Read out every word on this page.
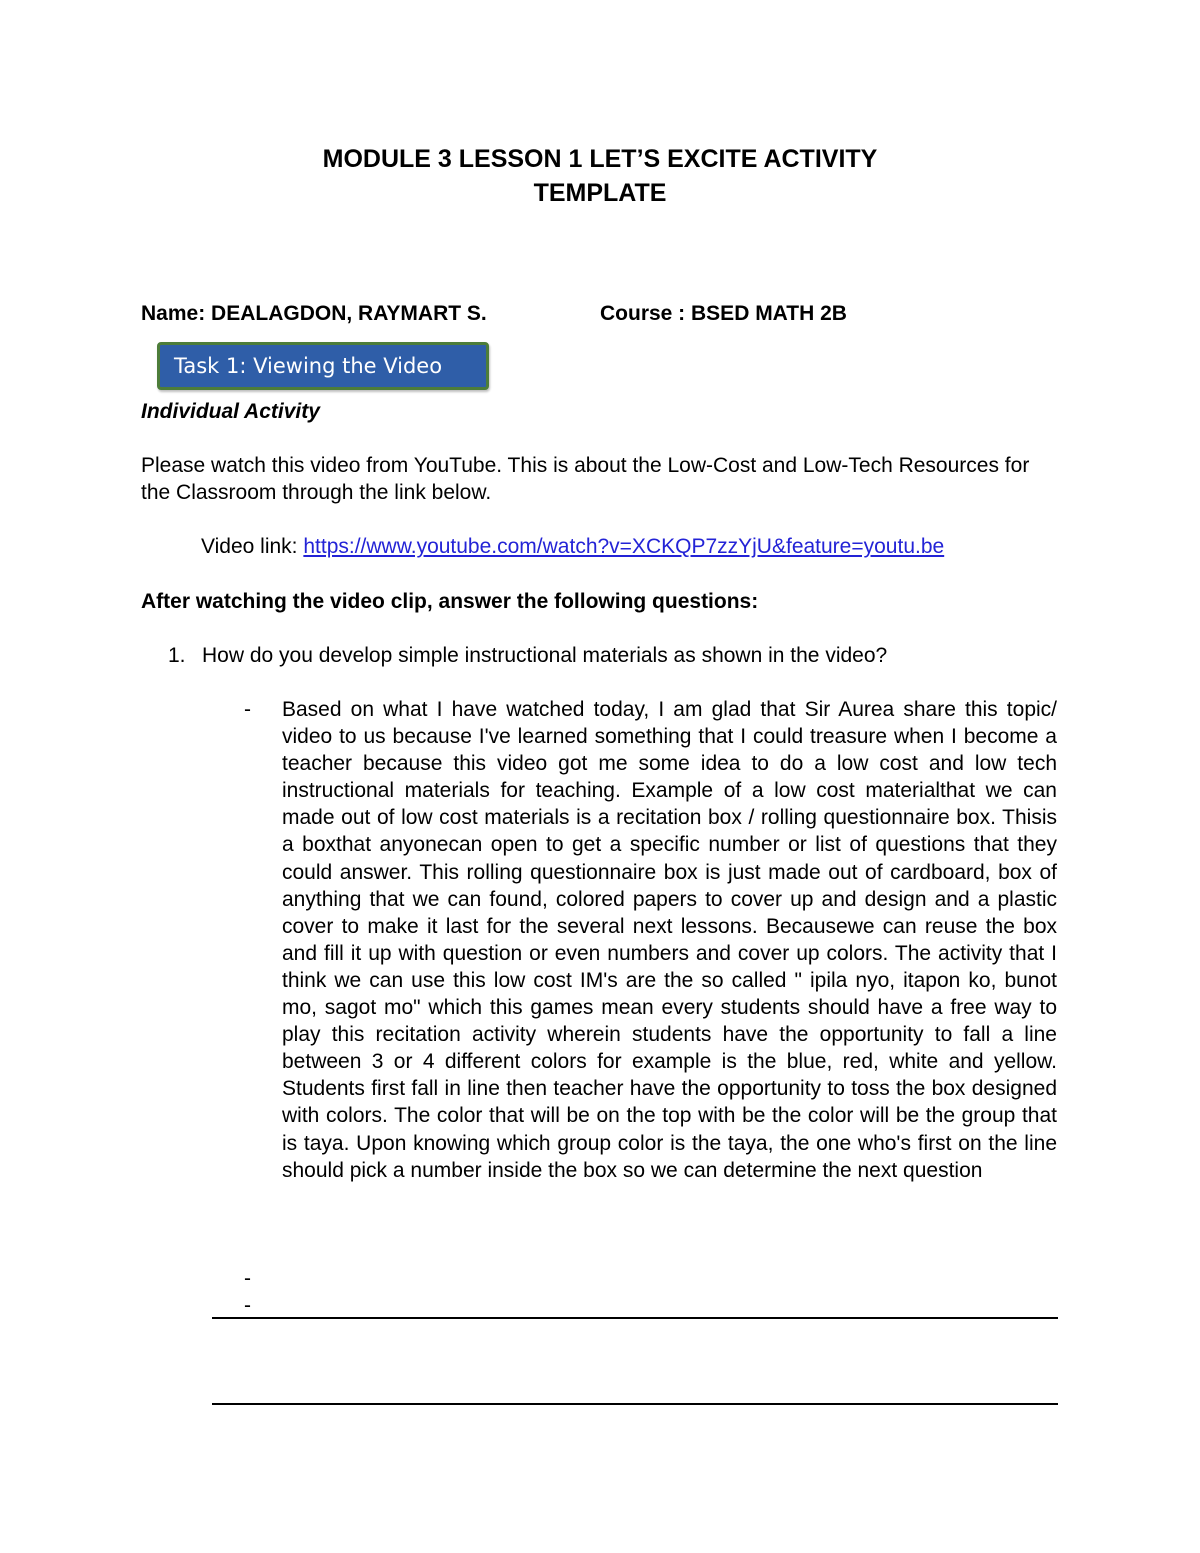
MODULE 3 LESSON 1 LET’S EXCITE ACTIVITY
TEMPLATE
Name: DEALAGDON, RAYMART S.	Course : BSED MATH 2B
Task 1: Viewing the Video
Individual Activity
Please watch this video from YouTube. This is about the Low-Cost and Low-Tech Resources for the Classroom through the link below.
Video link: https://www.youtube.com/watch?v=XCKQP7zzYjU&feature=youtu.be
After watching the video clip, answer the following questions:
1. How do you develop simple instructional materials as shown in the video?
- Based on what I have watched today, I am glad that Sir Aurea share this topic/ video to us because I've learned something that I could treasure when I become a teacher because this video got me some idea to do a low cost and low tech instructional materials for teaching. Example of a low cost materialthat we can made out of low cost materials is a recitation box / rolling questionnaire box. Thisis a boxthat anyonecan open to get a specific number or list of questions that they could answer. This rolling questionnaire box is just made out of cardboard, box of anything that we can found, colored papers to cover up and design and a plastic cover to make it last for the several next lessons. Becausewe can reuse the box and fill it up with question or even numbers and cover up colors. The activity that I think we can use this low cost IM's are the so called " ipila nyo, itapon ko, bunot mo, sagot mo" which this games mean every students should have a free way to play this recitation activity wherein students have the opportunity to fall a line between 3 or 4 different colors for example is the blue, red, white and yellow. Students first fall in line then teacher have the opportunity to toss the box designed with colors. The color that will be on the top with be the color will be the group that is taya. Upon knowing which group color is the taya, the one who's first on the line should pick a number inside the box so we can determine the next question
-
-
